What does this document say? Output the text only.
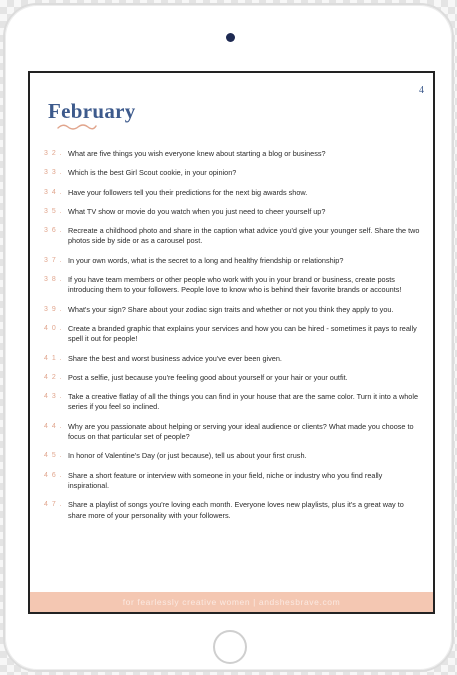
4
February
3 2 . What are five things you wish everyone knew about starting a blog or business?
3 3 . Which is the best Girl Scout cookie, in your opinion?
3 4 . Have your followers tell you their predictions for the next big awards show.
3 5 . What TV show or movie do you watch when you just need to cheer yourself up?
3 6 . Recreate a childhood photo and share in the caption what advice you'd give your younger self. Share the two photos side by side or as a carousel post.
3 7 . In your own words, what is the secret to a long and healthy friendship or relationship?
3 8 . If you have team members or other people who work with you in your brand or business, create posts introducing them to your followers. People love to know who is behind their favorite brands or accounts!
3 9 . What's your sign? Share about your zodiac sign traits and whether or not you think they apply to you.
4 0 . Create a branded graphic that explains your services and how you can be hired - sometimes it pays to really spell it out for people!
4 1 . Share the best and worst business advice you've ever been given.
4 2 . Post a selfie, just because you're feeling good about yourself or your hair or your outfit.
4 3 . Take a creative flatlay of all the things you can find in your house that are the same color. Turn it into a whole series if you feel so inclined.
4 4 . Why are you passionate about helping or serving your ideal audience or clients? What made you choose to focus on that particular set of people?
4 5 . In honor of Valentine's Day (or just because), tell us about your first crush.
4 6 . Share a short feature or interview with someone in your field, niche or industry who you find really inspirational.
4 7 . Share a playlist of songs you're loving each month. Everyone loves new playlists, plus it's a great way to share more of your personality with your followers.
for fearlessly creative women | andshesbrave.com
